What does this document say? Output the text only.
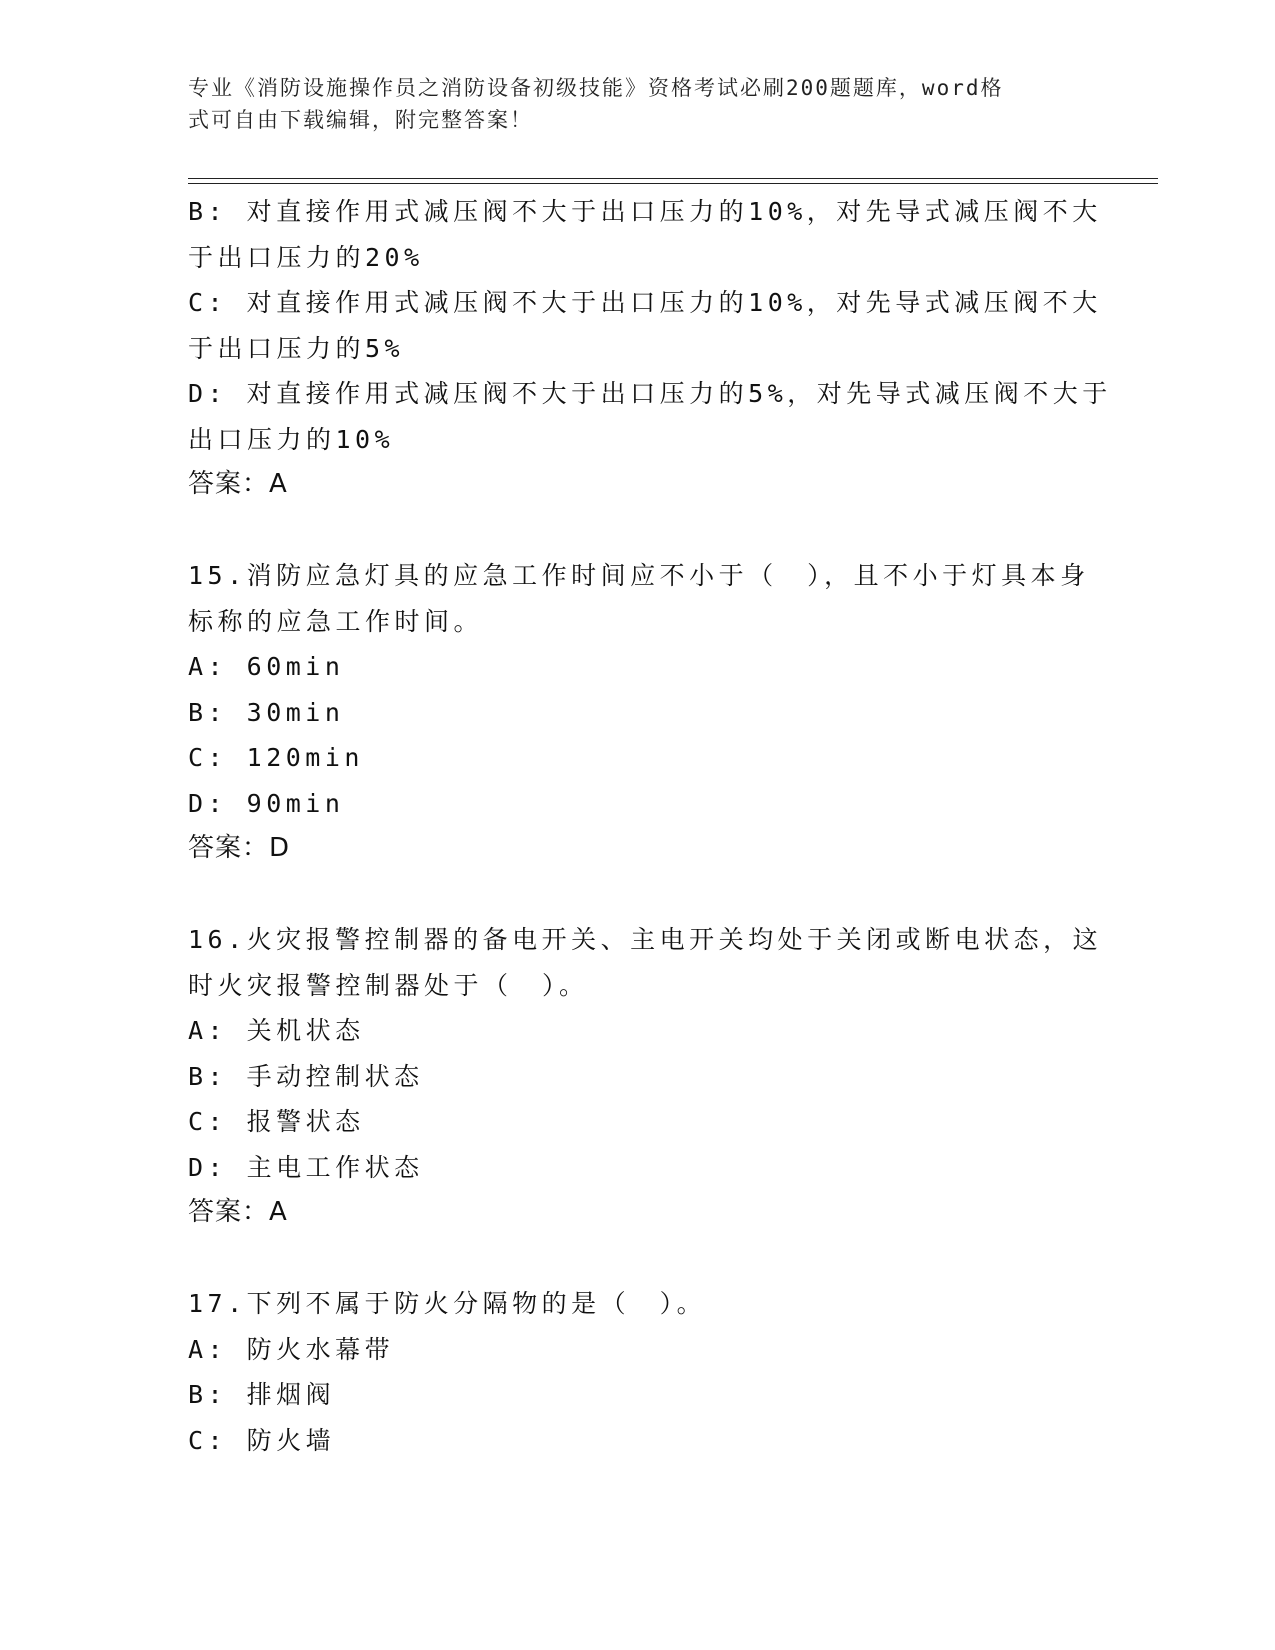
专业《消防设施操作员之消防设备初级技能》资格考试必刷200题题库，word格
式可自由下载编辑，附完整答案！
B: 对直接作用式减压阀不大于出口压力的10%，对先导式减压阀不大
于出口压力的20%
C: 对直接作用式减压阀不大于出口压力的10%，对先导式减压阀不大
于出口压力的5%
D: 对直接作用式减压阀不大于出口压力的5%，对先导式减压阀不大于
出口压力的10%
答案：A
15.消防应急灯具的应急工作时间应不小于（　），且不小于灯具本身
标称的应急工作时间。
A: 60min
B: 30min
C: 120min
D: 90min
答案：D
16.火灾报警控制器的备电开关、主电开关均处于关闭或断电状态，这
时火灾报警控制器处于（　）。
A: 关机状态
B: 手动控制状态
C: 报警状态
D: 主电工作状态
答案：A
17.下列不属于防火分隔物的是（　）。
A: 防火水幕带
B: 排烟阀
C: 防火墙
